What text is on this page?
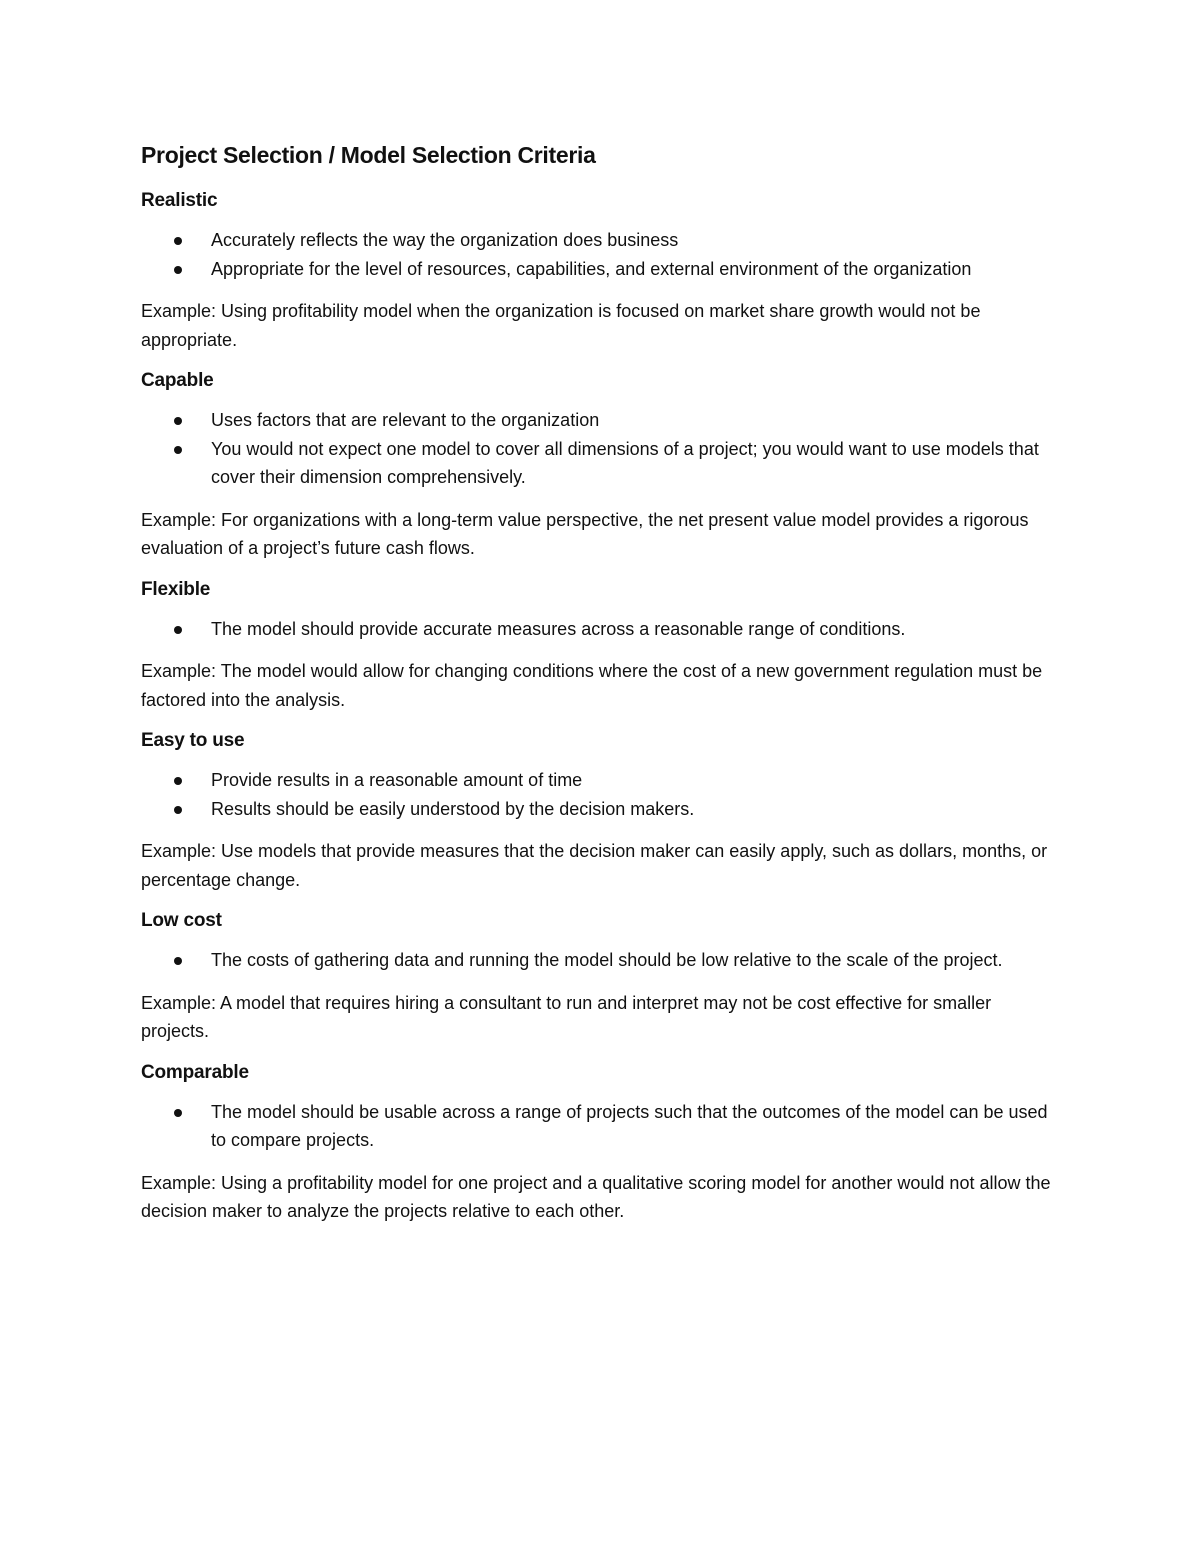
Project Selection / Model Selection Criteria
Realistic
Accurately reflects the way the organization does business
Appropriate for the level of resources, capabilities, and external environment of the organization

Example: Using profitability model when the organization is focused on market share growth would not be appropriate.

Capable
Uses factors that are relevant to the organization
You would not expect one model to cover all dimensions of a project; you would want to use models that cover their dimension comprehensively.

Example: For organizations with a long-term value perspective, the net present value model provides a rigorous evaluation of a project’s future cash flows.

Flexible
The model should provide accurate measures across a reasonable range of conditions.

Example: The model would allow for changing conditions where the cost of a new government regulation must be factored into the analysis.

Easy to use
Provide results in a reasonable amount of time
Results should be easily understood by the decision makers.

Example: Use models that provide measures that the decision maker can easily apply, such as dollars, months, or percentage change.

Low cost
The costs of gathering data and running the model should be low relative to the scale of the project.

Example: A model that requires hiring a consultant to run and interpret may not be cost effective for smaller projects.

Comparable
The model should be usable across a range of projects such that the outcomes of the model can be used to compare projects.

Example: Using a profitability model for one project and a qualitative scoring model for another would not allow the decision maker to analyze the projects relative to each other.
